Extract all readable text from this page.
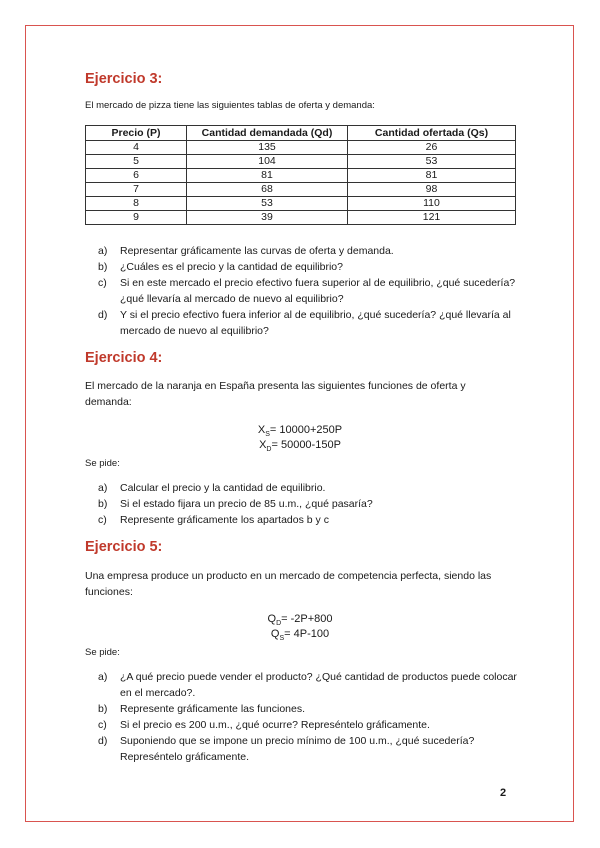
Ejercicio 3:

El mercado de pizza tiene las siguientes tablas de oferta y demanda:

Precio (P)	Cantidad demandada (Qd)	Cantidad ofertada (Qs)
4	135	26
5	104	53
6	81	81
7	68	98
8	53	110
9	39	121
a) Representar gráficamente las curvas de oferta y demanda.
b) ¿Cuáles es el precio y la cantidad de equilibrio?
c) Si en este mercado el precio efectivo fuera superior al de equilibrio, ¿qué sucedería? ¿qué llevaría al mercado de nuevo al equilibrio?
d) Y si el precio efectivo fuera inferior al de equilibrio, ¿qué sucedería? ¿qué llevaría al mercado de nuevo al equilibrio?
Ejercicio 4:

El mercado de la naranja en España presenta las siguientes funciones de oferta y demanda:

$X_S= 10000+250P$

$X_D= 50000-150P$

Se pide:

a) Calcular el precio y la cantidad de equilibrio.
b) Si el estado fijara un precio de 85 u.m., ¿qué pasaría?
c) Represente gráficamente los apartados b y c
Ejercicio 5:

Una empresa produce un producto en un mercado de competencia perfecta, siendo las funciones:

$Q_D= -2P+800$

$Q_S= 4P-100$

Se pide:

a) ¿A qué precio puede vender el producto? ¿Qué cantidad de productos puede colocar en el mercado?.
b) Represente gráficamente las funciones.
c) Si el precio es 200 u.m., ¿qué ocurre? Represéntelo gráficamente.
d) Suponiendo que se impone un precio mínimo de 100 u.m., ¿qué sucedería? Represéntelo gráficamente.
2
